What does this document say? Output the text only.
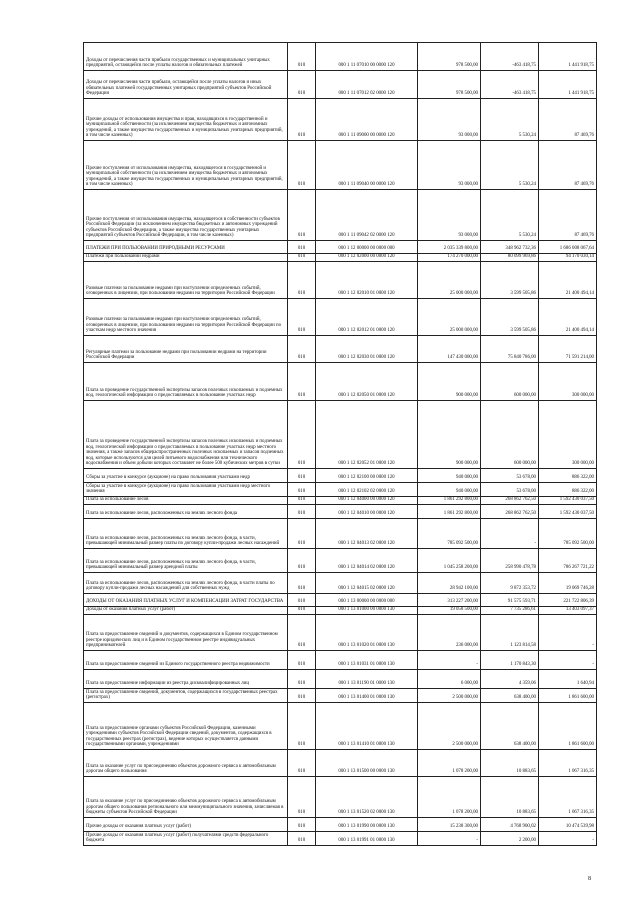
Доходы от перечисления части прибыли государственных и муниципальных унитарных предприятий, остающейся после уплаты налогов и обязательных платежей	010	000 1 11 07010 00 0000 120	978 500,00	-463 418,75	1 441 918,75

Доходы от перечисления части прибыли, остающейся после уплаты налогов и иных обязательных платежей государственных унитарных предприятий субъектов Российской Федерации	010	000 1 11 07012 02 0000 120	978 500,00	-463 418,75	1 441 918,75

Прочие доходы от использования имущества и прав, находящихся в государственной и муниципальной собственности (за исключением имущества бюджетных и автономных учреждений, а также имущества государственных и муниципальных унитарных предприятий, в том числе казенных)	010	000 1 11 09000 00 0000 120	93 000,00	5 530,24	87 469,76

Прочие поступления от использования имущества, находящегося в государственной и муниципальной собственности (за исключением имущества бюджетных и автономных учреждений, а также имущества государственных и муниципальных унитарных предприятий, в том числе казенных)	010	000 1 11 09040 00 0000 120	93 000,00	5 530,24	87 469,76

Прочие поступления от использования имущества, находящегося в собственности субъектов Российской Федерации (за исключением имущества бюджетных и автономных учреждений субъектов Российской Федерации, а также имущества государственных унитарных предприятий субъектов Российской Федерации, в том числе казенных)	010	000 1 11 09042 02 0000 120	93 000,00	5 530,24	87 469,76

ПЛАТЕЖИ ПРИ ПОЛЬЗОВАНИИ ПРИРОДНЫМИ РЕСУРСАМИ	010	000 1 12 00000 00 0000 000	2 035 339 800,00	348 962 732,36	1 686 008 067,64

Платежи при пользовании недрами	010	000 1 12 02000 00 0000 120	174 270 000,00	80 099 969,86	94 170 030,14

Разовые платежи за пользование недрами при наступлении определенных событий, оговоренных в лицензии, при пользовании недрами на территории Российской Федерации	010	000 1 12 02010 01 0000 120	25 000 000,00	3 599 505,86	21 400 494,14

Разовые платежи за пользование недрами при наступлении определенных событий, оговоренных в лицензии, при пользовании недрами на территории Российской Федерации по участкам недр местного значения	010	000 1 12 02012 01 0000 120	25 000 000,00	3 599 505,86	21 400 494,14

Регулярные платежи за пользование недрами при пользовании недрами на территории Российской Федерации	010	000 1 12 02030 01 0000 120	147 430 000,00	75 840 786,00	71 591 214,00

Плата за проведение государственной экспертизы запасов полезных ископаемых и подземных вод, геологической информации о предоставляемых в пользование участках недр	010	000 1 12 02050 01 0000 120	900 000,00	600 000,00	300 000,00

Плата за проведение государственной экспертизы запасов полезных ископаемых и подземных вод, геологической информации о предоставляемых в пользование участках недр местного значения, а также запасов общераспространенных полезных ископаемых и запасов подземных вод, которые используются для целей питьевого водоснабжения или технического водоснабжения и объем добычи которых составляет не более 500 кубических метров в сутки	010	000 1 12 02052 01 0000 120	900 000,00	600 000,00	300 000,00

Сборы за участие в конкурсе (аукционе) на право пользования участками недр	010	000 1 12 02100 00 0000 120	940 000,00	53 678,00	886 322,00

Сборы за участие в конкурсе (аукционе) на право пользования участками недр местного значения	010	000 1 12 02102 02 0000 120	940 000,00	53 678,00	886 322,00

Плата за использование лесов	010	000 1 12 04000 00 0000 120	1 861 292 800,00	268 862 762,50	1 592 430 037,50

Плата за использование лесов, расположенных на землях лесного фонда	010	000 1 12 04010 00 0000 120	1 861 292 800,00	268 862 762,50	1 592 430 037,50

Плата за использование лесов, расположенных на землях лесного фонда, в части, превышающей минимальный размер платы по договору купли-продажи лесных насаждений	010	000 1 12 04013 02 0000 120	785 092 500,00	-	785 092 500,00

Плата за использование лесов, расположенных на землях лесного фонда, в части, превышающей минимальный размер арендной платы	010	000 1 12 04014 02 0000 120	1 045 258 200,00	258 990 478,78	786 267 721,22

Плата за использование лесов, расположенных на землях лесного фонда, в части платы по договору купли-продажи лесных насаждений для собственных нужд	010	000 1 12 04015 02 0000 120	28 942 100,00	9 872 353,72	19 069 746,28

ДОХОДЫ ОТ ОКАЗАНИЯ ПЛАТНЫХ УСЛУГ И КОМПЕНСАЦИИ ЗАТРАТ ГОСУДАРСТВА	010	000 1 13 00000 00 0000 000	313 227 200,00	91 575 593,71	221 722 806,39

Доходы от оказания платных услуг (работ)	010	000 1 13 01000 00 0000 130	19 058 500,00	7 735 286,61	13 403 097,37

Плата за предоставление сведений и документов, содержащихся в Едином государственном реестре юридических лиц и в Едином государственном реестре индивидуальных предпринимателей	010	000 1 13 01020 01 0000 130	236 000,00	1 123 814,58	-

Плата за предоставление сведений из Единого государственного реестра недвижимости	010	000 1 13 01031 01 0000 130	-	1 170 843,30	-

Плата за предоставление информации из реестра дисквалифицированных лиц	010	000 1 13 01190 01 0000 130	6 000,00	4 359,06	1 640,94

Плата за предоставление сведений, документов, содержащихся в государственных реестрах (регистрах)	010	000 1 13 01400 01 0000 130	2 500 000,00	638 400,00	1 861 600,00

Плата за предоставление органами субъектов Российской Федерации, казенными учреждениями субъектов Российской Федерации сведений, документов, содержащихся в государственных реестрах (регистрах), ведение которых осуществляется данными государственными органами, учреждениями	010	000 1 13 01410 01 0000 130	2 500 000,00	638 400,00	1 861 600,00

Плата за оказание услуг по присоединению объектов дорожного сервиса к автомобильным дорогам общего пользования	010	000 1 13 01500 00 0000 130	1 078 200,00	10 883,65	1 067 316,35

Плата за оказание услуг по присоединению объектов дорожного сервиса к автомобильным дорогам общего пользования регионального или межмуниципального значения, зачисляемая в бюджеты субъектов Российской Федерации	010	000 1 13 01520 02 0000 130	1 078 200,00	10 883,65	1 067 316,35

Прочие доходы от оказания платных услуг (работ)	010	000 1 13 01990 00 0000 130	15 238 300,00	4 768 900,02	10 474 539,98

Прочие доходы от оказания платных услуг (работ) получателями средств федерального бюджета	010	000 1 13 01991 01 0000 130	-	2 200,00	-
8
